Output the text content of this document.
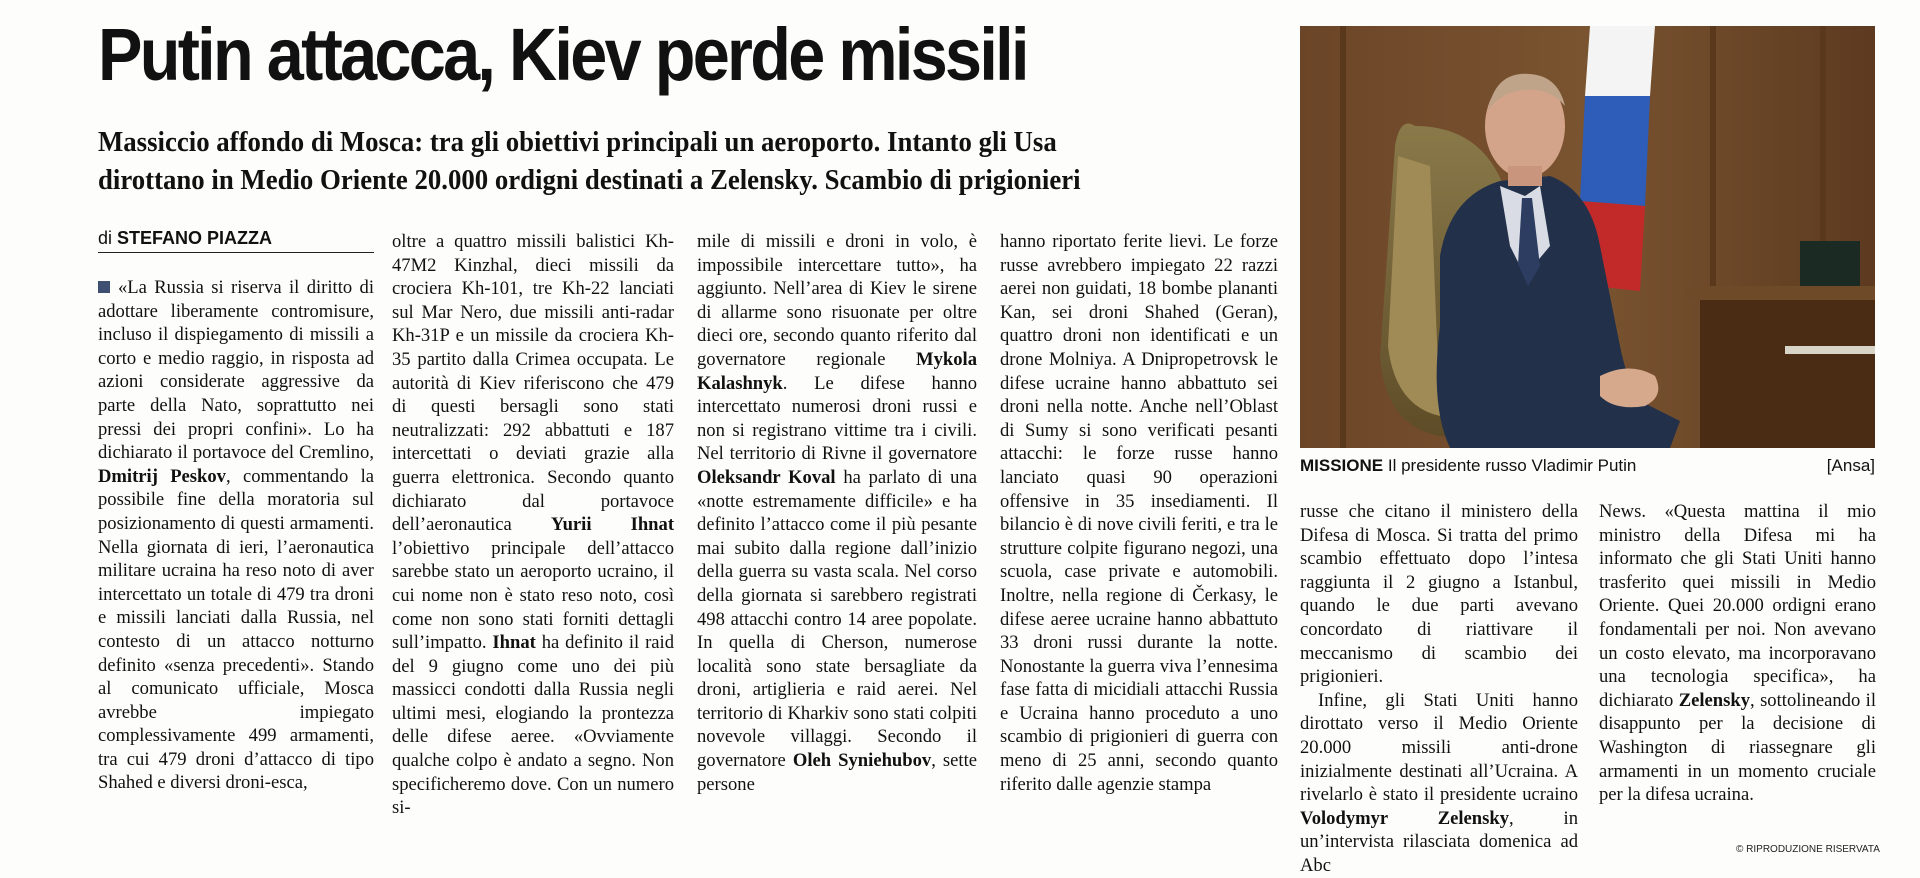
Putin attacca, Kiev perde missili
Massiccio affondo di Mosca: tra gli obiettivi principali un aeroporto. Intanto gli Usa
dirottano in Medio Oriente 20.000 ordigni destinati a Zelensky. Scambio di prigionieri
di STEFANO PIAZZA

«La Russia si riserva il diritto di adottare liberamente contromisure, incluso il dispiegamento di missili a corto e medio raggio, in risposta ad azioni considerate aggressive da parte della Nato, soprattutto nei pressi dei propri confini». Lo ha dichiarato il portavoce del Cremlino, Dmitrij Peskov, commentando la possibile fine della moratoria sul posizionamento di questi armamenti. Nella giornata di ieri, l’aeronautica militare ucraina ha reso noto di aver intercettato un totale di 479 tra droni e missili lanciati dalla Russia, nel contesto di un attacco notturno definito «senza precedenti». Stando al comunicato ufficiale, Mosca avrebbe impiegato complessivamente 499 armamenti, tra cui 479 droni d’attacco di tipo Shahed e diversi droni-esca,

oltre a quattro missili balistici Kh-47M2 Kinzhal, dieci missili da crociera Kh-101, tre Kh-22 lanciati sul Mar Nero, due missili anti-radar Kh-31P e un missile da crociera Kh-35 partito dalla Crimea occupata. Le autorità di Kiev riferiscono che 479 di questi bersagli sono stati neutralizzati: 292 abbattuti e 187 intercettati o deviati grazie alla guerra elettronica. Secondo quanto dichiarato dal portavoce dell’aeronautica Yurii Ihnat l’obiettivo principale dell’attacco sarebbe stato un aeroporto ucraino, il cui nome non è stato reso noto, così come non sono stati forniti dettagli sull’impatto. Ihnat ha definito il raid del 9 giugno come uno dei più massicci condotti dalla Russia negli ultimi mesi, elogiando la prontezza delle difese aeree. «Ovviamente qualche colpo è andato a segno. Non specificheremo dove. Con un numero si-

mile di missili e droni in volo, è impossibile intercettare tutto», ha aggiunto. Nell’area di Kiev le sirene di allarme sono risuonate per oltre dieci ore, secondo quanto riferito dal governatore regionale Mykola Kalashnyk. Le difese hanno intercettato numerosi droni russi e non si registrano vittime tra i civili. Nel territorio di Rivne il governatore Oleksandr Koval ha parlato di una «notte estremamente difficile» e ha definito l’attacco come il più pesante mai subito dalla regione dall’inizio della guerra su vasta scala. Nel corso della giornata si sarebbero registrati 498 attacchi contro 14 aree popolate. In quella di Cherson, numerose località sono state bersagliate da droni, artiglieria e raid aerei. Nel territorio di Kharkiv sono stati colpiti novevole villaggi. Secondo il governatore Oleh Syniehubov, sette persone

hanno riportato ferite lievi. Le forze russe avrebbero impiegato 22 razzi aerei non guidati, 18 bombe plananti Kan, sei droni Shahed (Geran), quattro droni non identificati e un drone Molniya. A Dnipropetrovsk le difese ucraine hanno abbattuto sei droni nella notte. Anche nell’Oblast di Sumy si sono verificati pesanti attacchi: le forze russe hanno lanciato quasi 90 operazioni offensive in 35 insediamenti. Il bilancio è di nove civili feriti, e tra le strutture colpite figurano negozi, una scuola, case private e automobili. Inoltre, nella regione di Čerkasy, le difese aeree ucraine hanno abbattuto 33 droni russi durante la notte. Nonostante la guerra viva l’ennesima fase fatta di micidiali attacchi Russia e Ucraina hanno proceduto a uno scambio di prigionieri di guerra con meno di 25 anni, secondo quanto riferito dalle agenzie stampa

MISSIONE Il presidente russo Vladimir Putin	[Ansa]

russe che citano il ministero della Difesa di Mosca. Si tratta del primo scambio effettuato dopo l’intesa raggiunta il 2 giugno a Istanbul, quando le due parti avevano concordato di riattivare il meccanismo di scambio dei prigionieri.

Infine, gli Stati Uniti hanno dirottato verso il Medio Oriente 20.000 missili anti-drone inizialmente destinati all’Ucraina. A rivelarlo è stato il presidente ucraino Volodymyr Zelensky, in un’intervista rilasciata domenica ad Abc

News. «Questa mattina il mio ministro della Difesa mi ha informato che gli Stati Uniti hanno trasferito quei missili in Medio Oriente. Quei 20.000 ordigni erano fondamentali per noi. Non avevano un costo elevato, ma incorporavano una tecnologia specifica», ha dichiarato Zelensky, sottolineando il disappunto per la decisione di Washington di riassegnare gli armamenti in un momento cruciale per la difesa ucraina.

© RIPRODUZIONE RISERVATA
